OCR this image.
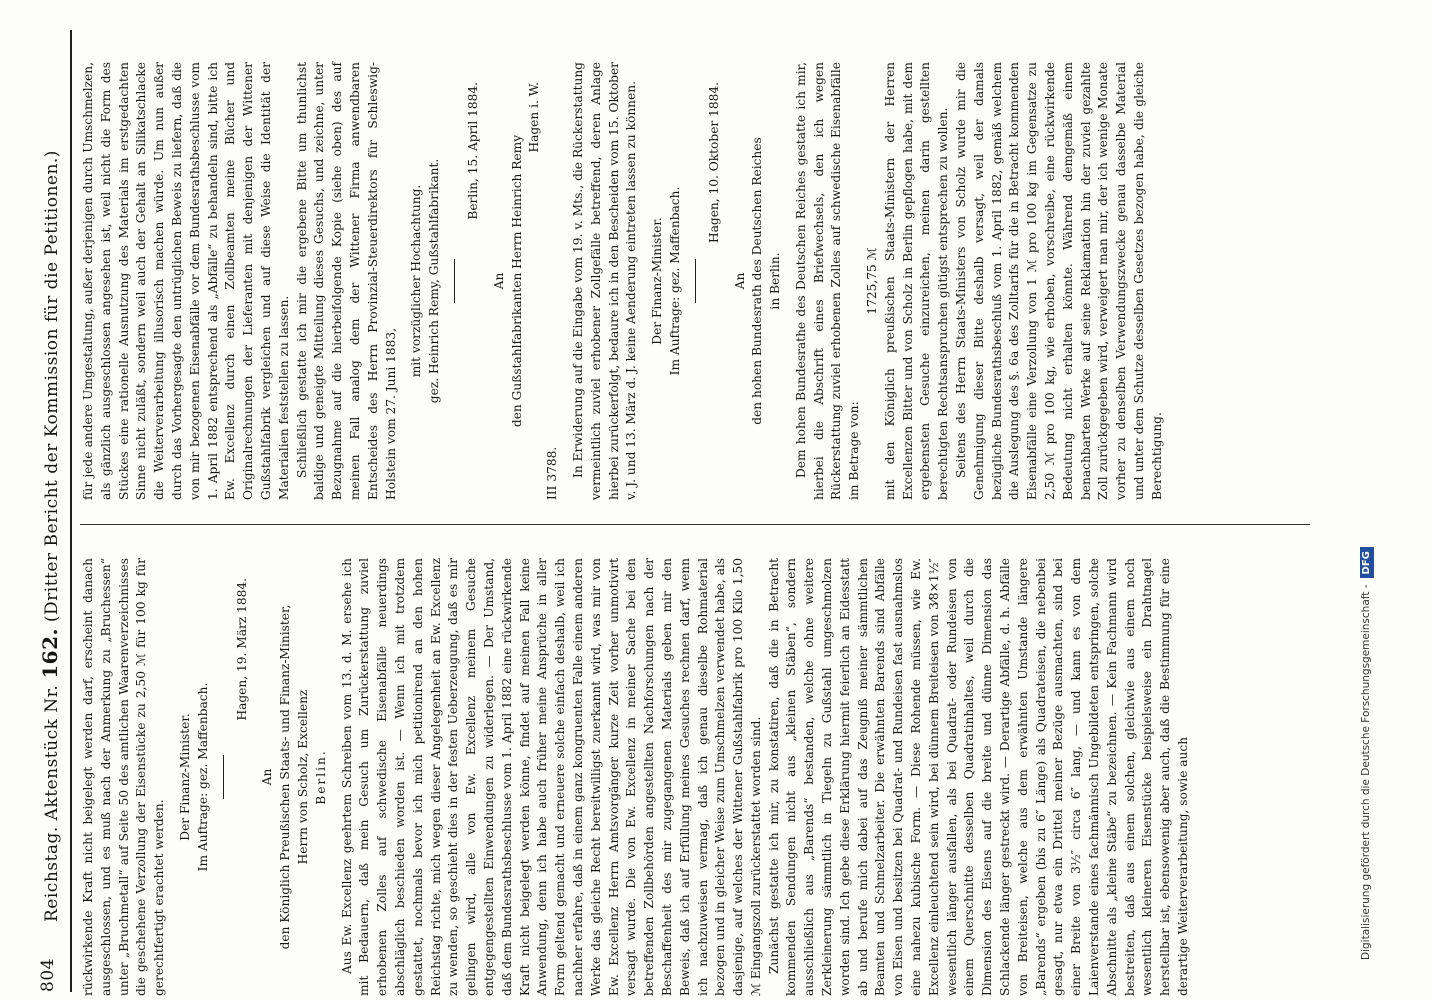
804
Reichstag. Aktenstück Nr. 162. (Dritter Bericht der Kommission für die Petitionen.)

rückwirkende Kraft nicht beigelegt werden darf, erscheint danach ausgeschlossen, und es muß nach der Anmerkung zu „Bruchessen“ unter „Bruchmetall“ auf Seite 50 des amtlichen Waarenverzeichnisses die geschehene Verzollung der Eisenstücke zu 2,50 ℳ für 100 kg für gerechtfertigt erachtet werden.

Der Finanz-Minister. Im Auftrage: gez. Maffenbach.

Hagen, 19. März 1884.

An den Königlich Preußischen Staats- und Finanz-Minister, Herrn von Scholz, Excellenz Berlin. Aus Ew. Excellenz geehrtem Schreiben vom 13. d. M. ersehe ich mit Bedauern, daß mein Gesuch um Zurückerstattung zuviel erhobenen Zolles auf schwedische Eisenabfälle neuerdings abschläglich beschieden worden ist. — Wenn ich mit trotzdem gestattet, nochmals bevor ich mich petitionirend an den hohen Reichstag richte, mich wegen dieser Angelegenheit an Ew. Excellenz zu wenden, so geschieht dies in der festen Ueberzeugung, daß es mir gelingen wird, alle von Ew. Excellenz meinem Gesuche entgegengestellten Einwendungen zu widerlegen. — Der Umstand, daß dem Bundesrathsbeschlusse vom 1. April 1882 eine rückwirkende Kraft nicht beigelegt werden könne, findet auf meinen Fall keine Anwendung, denn ich habe auch früher meine Ansprüche in aller Form geltend gemacht und erneuere solche einfach deshalb, weil ich nachher erfahre, daß in einem ganz kongruenten Falle einem anderen Werke das gleiche Recht bereitwilligst zuerkannt wird, was mir von Ew. Excellenz Herrn Amtsvorgänger kurze Zeit vorher unmotivirt versagt wurde. Die von Ew. Excellenz in meiner Sache bei den betreffenden Zollbehörden angestellten Nachforschungen nach der Beschaffenheit des mir zugegangenen Materials geben mir den Beweis, daß ich auf Erfüllung meines Gesuches rechnen darf, wenn ich nachzuweisen vermag, daß ich genau dieselbe Rohmaterial bezogen und in gleicher Weise zum Umschmelzen verwendet habe, als dasjenige, auf welches der Wittener Gußstahlfabrik pro 100 Kilo 1,50 ℳ Eingangszoll zurückerstattet worden sind. Zunächst gestatte ich mir, zu konstatiren, daß die in Betracht kommenden Sendungen nicht aus „kleinen Stäben“, sondern ausschließlich aus „Barends“ bestanden, welche ohne weitere Zerkleinerung sämmtlich in Tiegeln zu Gußstahl umgeschmolzen worden sind. Ich gebe diese Erklärung hiermit feierlich an Eidesstatt ab und berufe mich dabei auf das Zeugniß meiner sämmtlichen Beamten und Schmelzarbeiter. Die erwähnten Barends sind Abfälle von Eisen und besitzen bei Quadrat- und Rundeisen fast ausnahmslos eine nahezu kubische Form. — Diese Rohende müssen, wie Ew. Excellenz einleuchtend sein wird, bei dünnem Breiteisen von 3⁄8×1½″ wesentlich länger ausfallen, als bei Quadrat- oder Rundeisen von einem Querschnitte desselben Quadratinhaltes, weil durch die Dimension des Eisens auf die breite und dünne Dimension das Schlackende länger gestreckt wird. — Derartige Abfälle, d. h. Abfälle von Breiteisen, welche aus dem erwähnten Umstande längere „Barends“ ergeben (bis zu 6″ Länge) als Quadrateisen, die nebenbei gesagt, nur etwa ein Drittel meiner Bezüge ausmachten, sind bei einer Breite von 3½″ circa 6″ lang, — und kann es von dem Laienverstande eines fachmännisch Ungebildeten entspringen, solche Abschnitte als „kleine Stäbe“ zu bezeichnen. — Kein Fachmann wird bestreiten, daß aus einem solchen, gleichwie aus einem noch wesentlich kleineren Eisenstücke beispielsweise ein Drahtnagel herstellbar ist, ebensowenig aber auch, daß die Bestimmung für eine derartige Weiterverarbeitung, sowie auch

für jede andere Umgestaltung, außer derjenigen durch Umschmelzen, als gänzlich ausgeschlossen angesehen ist, weil nicht die Form des Stückes eine rationelle Ausnutzung des Materials im erstgedachten Sinne nicht zuläßt, sondern weil auch der Gehalt an Silikatschlacke die Weiterverarbeitung illusorisch machen würde. Um nun außer durch das Vorhergesagte den untrüglichen Beweis zu liefern, daß die von mir bezogenen Eisenabfälle vor dem Bundesrathsbeschlusse vom 1. April 1882 entsprechend als „Abfälle“ zu behandeln sind, bitte ich Ew. Excellenz durch einen Zollbeamten meine Bücher und Originalrechnungen der Lieferanten mit denjenigen der Wittener Gußstahlfabrik vergleichen und auf diese Weise die Identität der Materialien feststellen zu lassen. Schließlich gestatte ich mir die ergebene Bitte um thunlichst baldige und geneigte Mitteilung dieses Gesuchs, und zeichne, unter Bezugnahme auf die hierbeifolgende Kopie (siehe oben) des auf meinen Fall analog dem der Wittener Firma anwendbaren Entscheides des Herrn Provinzial-Steuerdirektors für Schleswig-Holstein vom 27. Juni 1883,

mit vorzüglicher Hochachtung. gez. Heinrich Remy, Gußstahlfabrikant.

Berlin, 15. April 1884.

An den Gußstahlfabrikanten Herrn Heinrich Remy

Hagen i. W.

III 3788. In Erwiderung auf die Eingabe vom 19. v. Mts., die Rückerstattung vermeintlich zuviel erhobener Zollgefälle betreffend, deren Anlage hierbei zurückerfolgt, bedaure ich in den Bescheiden vom 15. Oktober v. J. und 13. März d. J. keine Aenderung eintreten lassen zu können. Der Finanz-Minister. Im Auftrage: gez. Maffenbach.

Hagen, 10. Oktober 1884.

An den hohen Bundesrath des Deutschen Reiches in Berlin. Dem hohen Bundesrathe des Deutschen Reiches gestatte ich mir, hierbei die Abschrift eines Briefwechsels, den ich wegen Rückerstattung zuviel erhobenen Zolles auf schwedische Eisenabfälle im Betrage von:

1725,75 ℳ mit den Königlich preußischen Staats-Ministern der Herren Excellenzen Bitter und von Scholz in Berlin gepflogen habe, mit dem ergebensten Gesuche einzureichen, meinen darin gestellten berechtigten Rechtsanspruchen gütigst entsprechen zu wollen. Seitens des Herrn Staats-Ministers von Scholz wurde mir die Genehmigung dieser Bitte deshalb versagt, weil der damals bezügliche Bundesrathsbeschluß vom 1. April 1882, gemäß welchem die Auslegung des §. 6a des Zolltarifs für die in Betracht kommenden Eisenabfälle eine Verzollung von 1 ℳ pro 100 kg im Gegensatze zu 2,50 ℳ pro 100 kg, wie erhoben, vorschreibe, eine rückwirkende Bedeutung nicht erhalten könnte. Während demgemäß einem benachbarten Werke auf seine Reklamation hin der zuviel gezahlte Zoll zurückgegeben wird, verweigert man mir, der ich wenige Monate vorher zu denselben Verwendungszwecke genau dasselbe Material und unter dem Schutze desselben Gesetzes bezogen habe, die gleiche Berechtigung.

Digitalisierung gefördert durch die Deutsche Forschungsgemeinschaft -DFG
